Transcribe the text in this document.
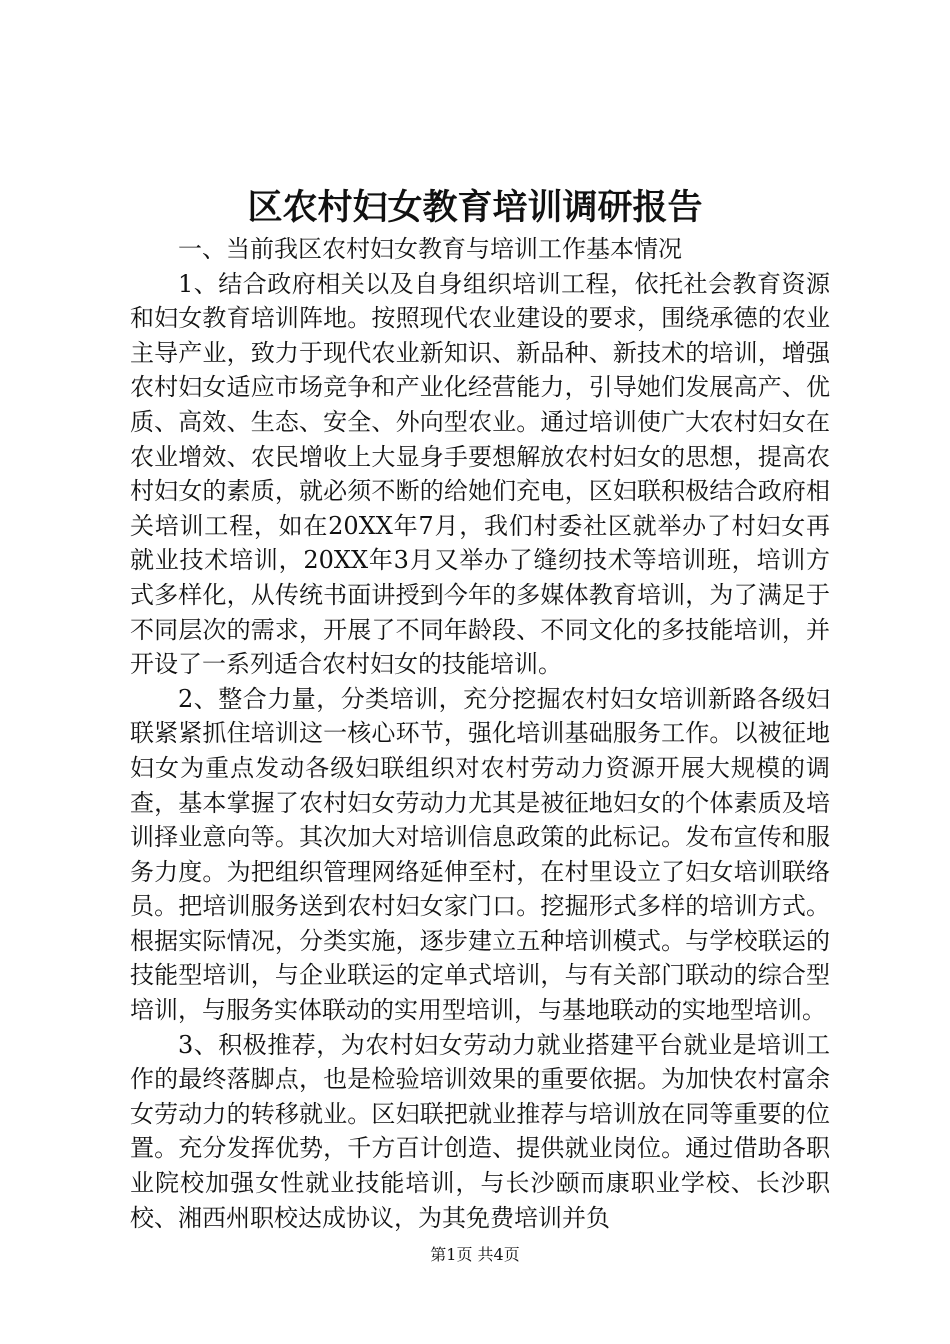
区农村妇女教育培训调研报告

一、当前我区农村妇女教育与培训工作基本情况

1、结合政府相关以及自身组织培训工程，依托社会教育资源和妇女教育培训阵地。按照现代农业建设的要求，围绕承德的农业主导产业，致力于现代农业新知识、新品种、新技术的培训，增强农村妇女适应市场竞争和产业化经营能力，引导她们发展高产、优质、高效、生态、安全、外向型农业。通过培训使广大农村妇女在农业增效、农民增收上大显身手要想解放农村妇女的思想，提高农村妇女的素质，就必须不断的给她们充电，区妇联积极结合政府相关培训工程，如在20XX年7月，我们村委社区就举办了村妇女再就业技术培训，20XX年3月又举办了缝纫技术等培训班，培训方式多样化，从传统书面讲授到今年的多媒体教育培训，为了满足于不同层次的需求，开展了不同年龄段、不同文化的多技能培训，并开设了一系列适合农村妇女的技能培训。

2、整合力量，分类培训，充分挖掘农村妇女培训新路各级妇联紧紧抓住培训这一核心环节，强化培训基础服务工作。以被征地妇女为重点发动各级妇联组织对农村劳动力资源开展大规模的调查，基本掌握了农村妇女劳动力尤其是被征地妇女的个体素质及培训择业意向等。其次加大对培训信息政策的此标记。发布宣传和服务力度。为把组织管理网络延伸至村，在村里设立了妇女培训联络员。把培训服务送到农村妇女家门口。挖掘形式多样的培训方式。根据实际情况，分类实施，逐步建立五种培训模式。与学校联运的技能型培训，与企业联运的定单式培训，与有关部门联动的综合型培训，与服务实体联动的实用型培训，与基地联动的实地型培训。

3、积极推荐，为农村妇女劳动力就业搭建平台就业是培训工作的最终落脚点，也是检验培训效果的重要依据。为加快农村富余女劳动力的转移就业。区妇联把就业推荐与培训放在同等重要的位置。充分发挥优势，千方百计创造、提供就业岗位。通过借助各职业院校加强女性就业技能培训，与长沙颐而康职业学校、长沙职校、湘西州职校达成协议，为其免费培训并负

第1页 共4页
